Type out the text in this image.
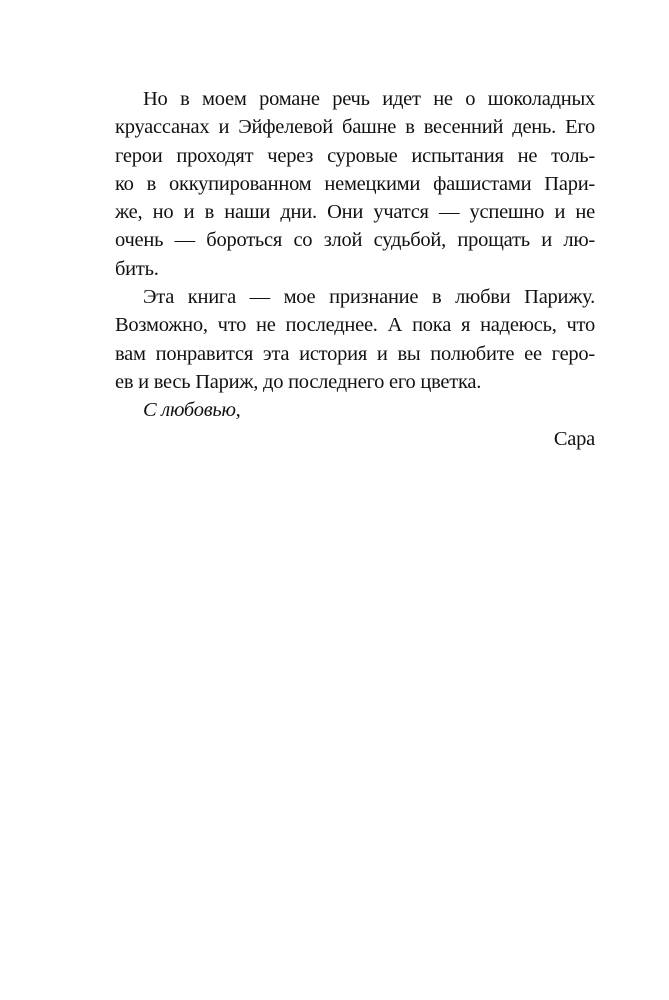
Но в моем романе речь идет не о шоколадных
круассанах и Эйфелевой башне в весенний день. Его
герои проходят через суровые испытания не толь-
ко в оккупированном немецкими фашистами Пари-
же, но и в наши дни. Они учатся — успешно и не
очень — бороться со злой судьбой, прощать и лю-
бить.
Эта книга — мое признание в любви Парижу.
Возможно, что не последнее. А пока я надеюсь, что
вам понравится эта история и вы полюбите ее геро-
ев и весь Париж, до последнего его цветка.
С любовью,
Сара
